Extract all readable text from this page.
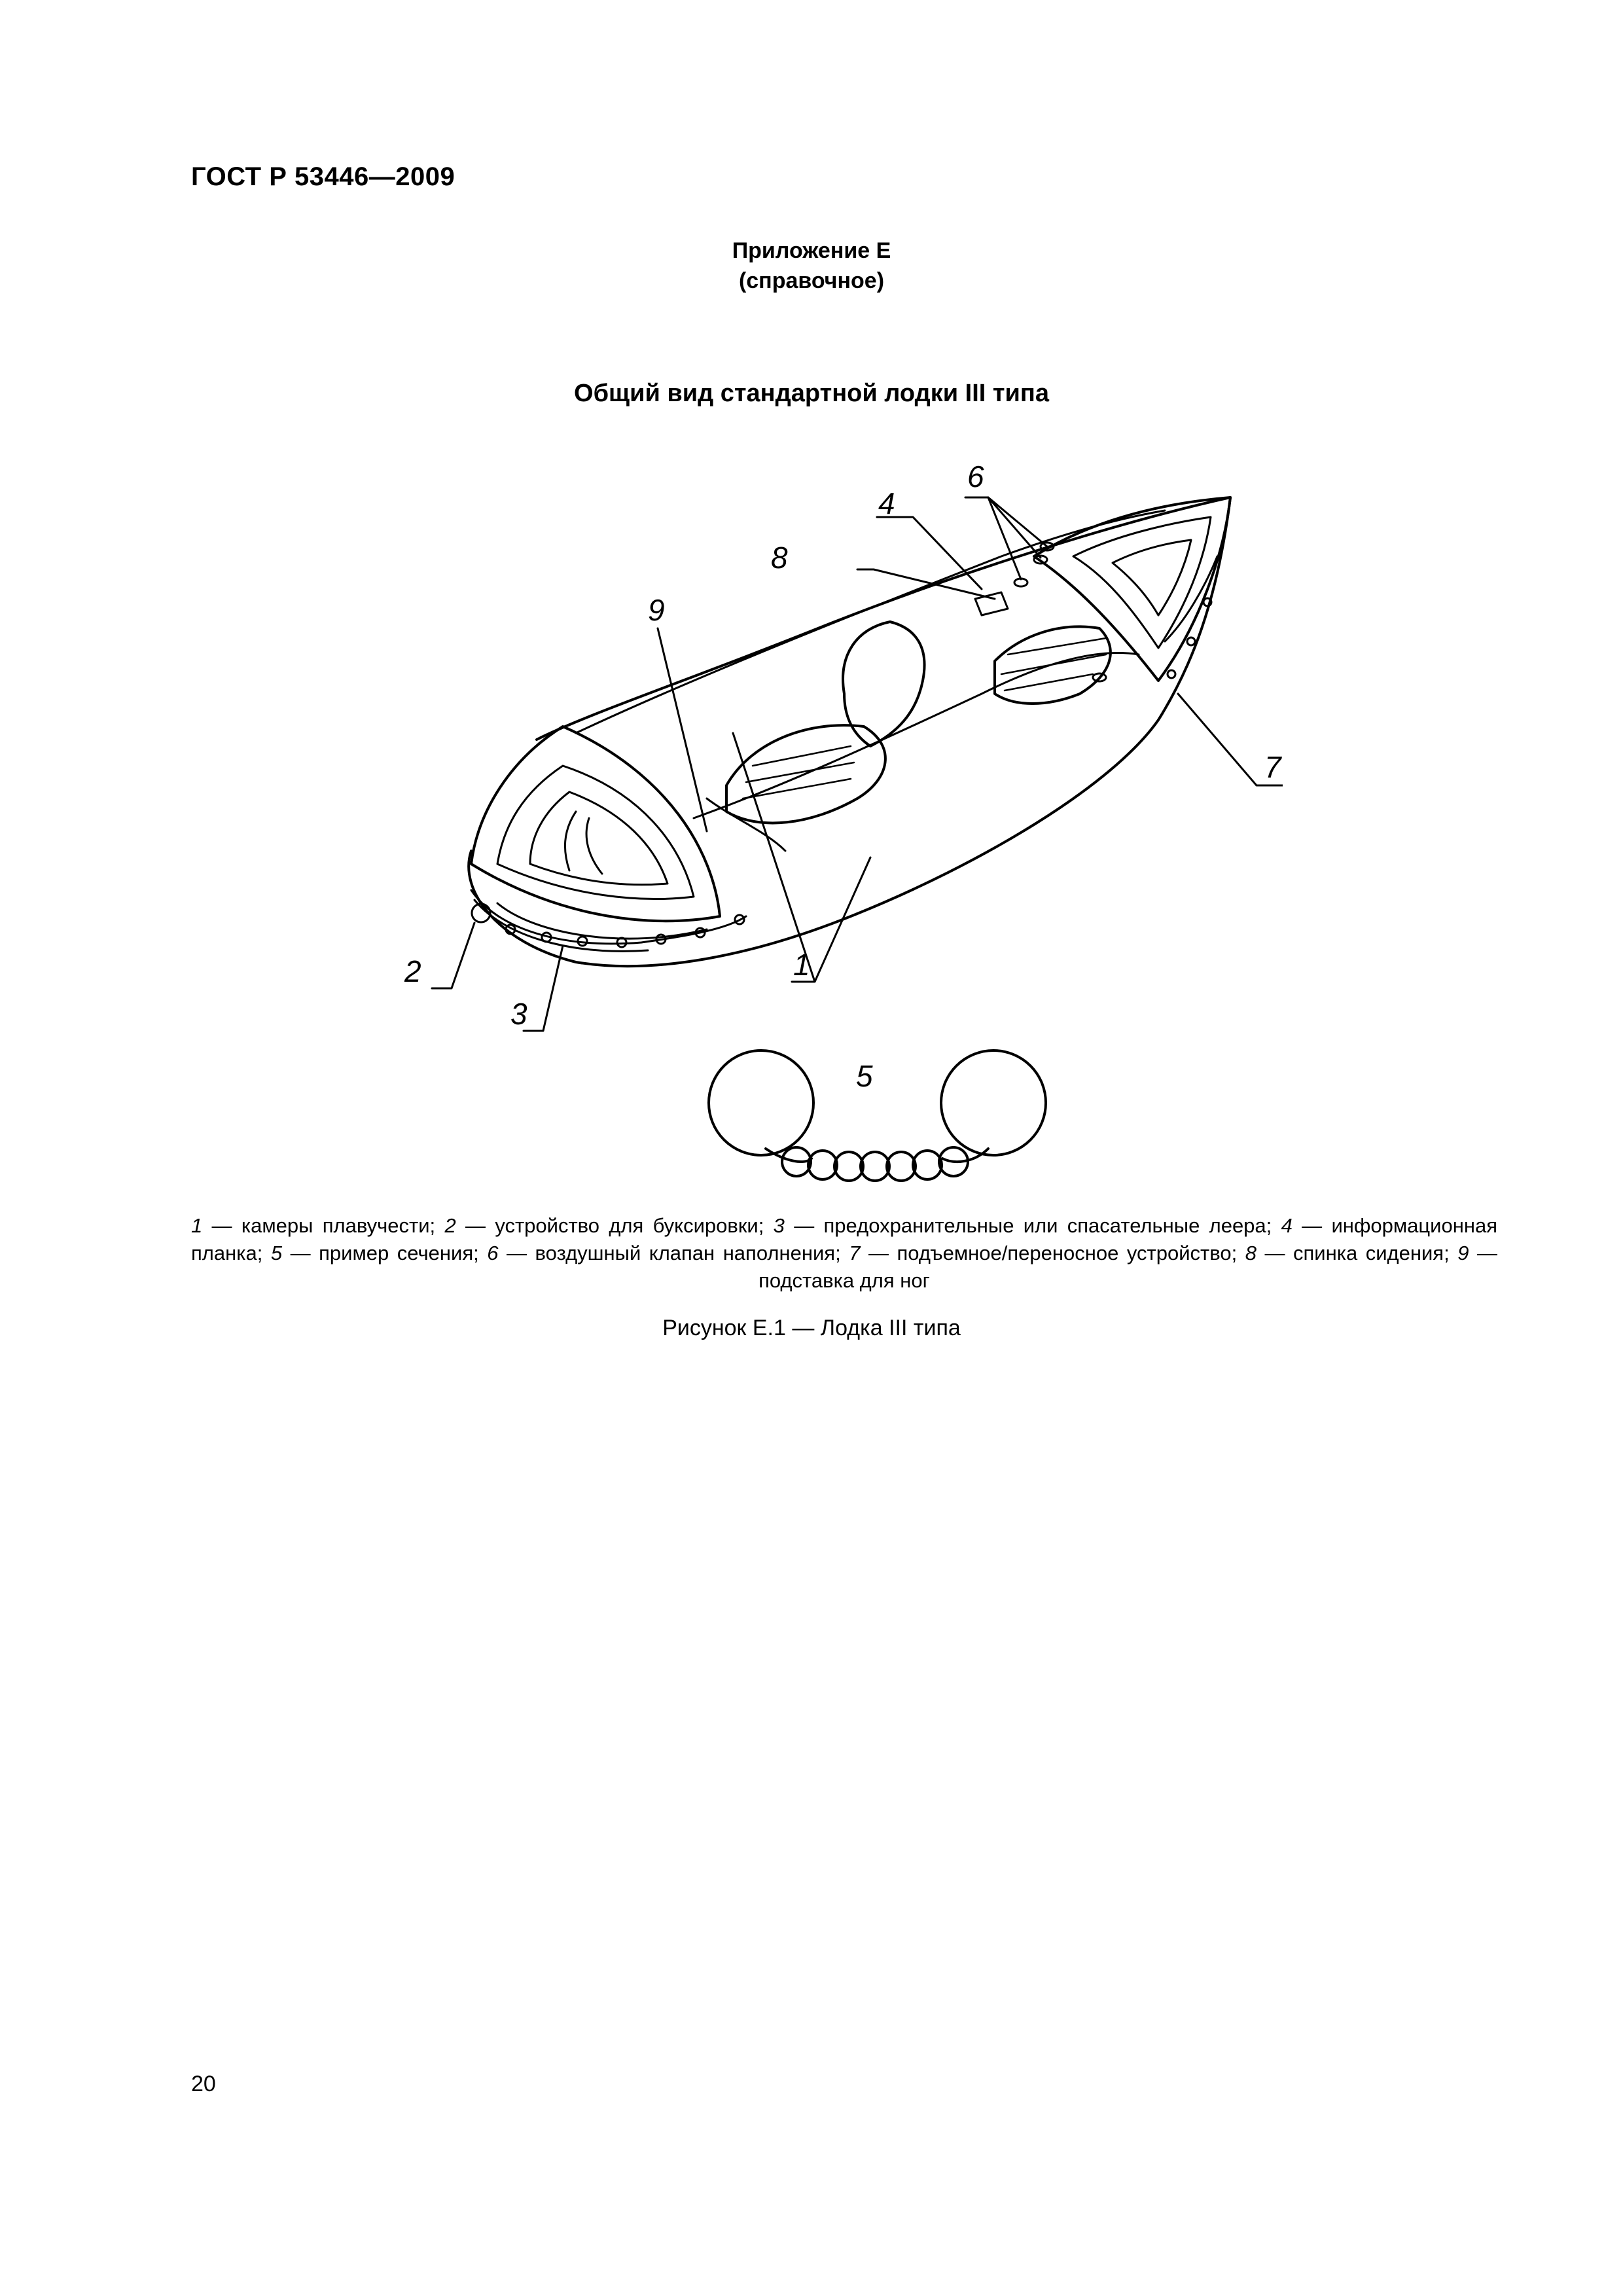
ГОСТ Р 53446—2009
Приложение Е
(справочное)
Общий вид стандартной лодки III типа
9
8
4
6
7
1
2
3
5
1 — камеры плавучести; 2 — устройство для буксировки; 3 — предохранительные или спасательные леера; 4 — информационная планка; 5 — пример сечения; 6 — воздушный клапан наполнения; 7 — подъемное/переносное устройство; 8 — спинка сидения; 9 — подставка для ног
Рисунок Е.1 — Лодка III типа
20
